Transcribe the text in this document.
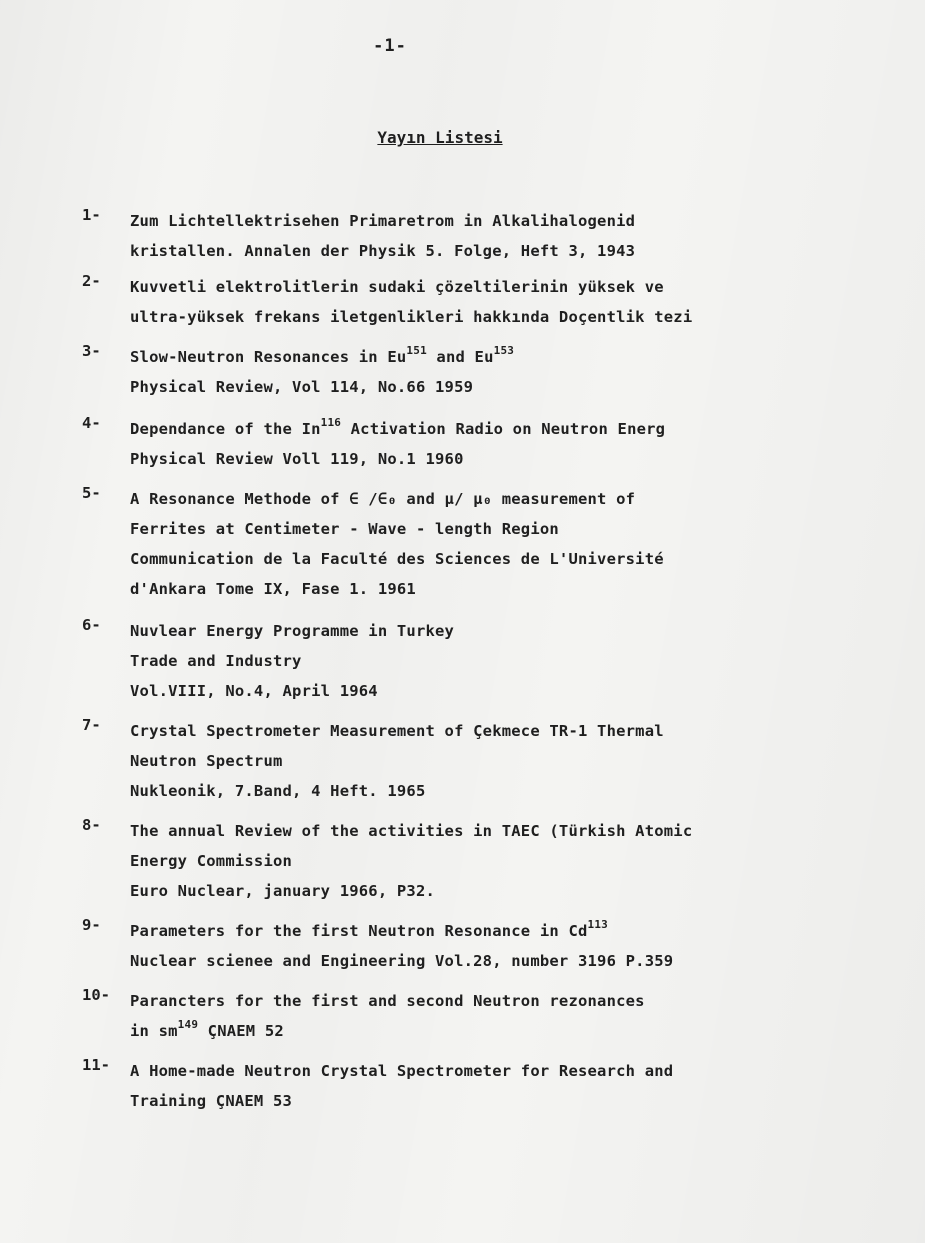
-1-
Yayın Listesi
1-	Zum Lichtellektrisehen Primaretrom in Alkalihalogenid
kristallen. Annalen der Physik 5. Folge, Heft 3, 1943
2-	Kuvvetli elektrolitlerin sudaki çözeltilerinin yüksek ve
ultra-yüksek frekans iletgenlikleri hakkında Doçentlik tezi
3-	Slow-Neutron Resonances in Eu$^{151}$ and Eu$^{153}$
Physical Review, Vol 114, No.66 1959
4-	Dependance of the In$^{116}$ Activation Radio on Neutron Energ
Physical Review Voll 119, No.1 1960
5-	A Resonance Methode of ∈ /∈₀ and μ/ μ₀ measurement of
Ferrites at Centimeter - Wave - length Region
Communication de la Faculté des Sciences de L'Université
d'Ankara Tome IX, Fase 1. 1961
6-	Nuvlear Energy Programme in Turkey
Trade and Industry
Vol.VIII, No.4, April 1964
7-	Crystal Spectrometer Measurement of Çekmece TR-1 Thermal
Neutron Spectrum
Nukleonik, 7.Band, 4 Heft. 1965
8-	The annual Review of the activities in TAEC (Türkish Atomic
Energy Commission
Euro Nuclear, january 1966, P32.
9-	Parameters for the first Neutron Resonance in Cd$^{113}$
Nuclear scienee and Engineering Vol.28, number 3196 P.359
10-	Parancters for the first and second Neutron rezonances
in $sm^{149}$ ÇNAEM 52
11-	A Home-made Neutron Crystal Spectrometer for Research and
Training ÇNAEM 53
